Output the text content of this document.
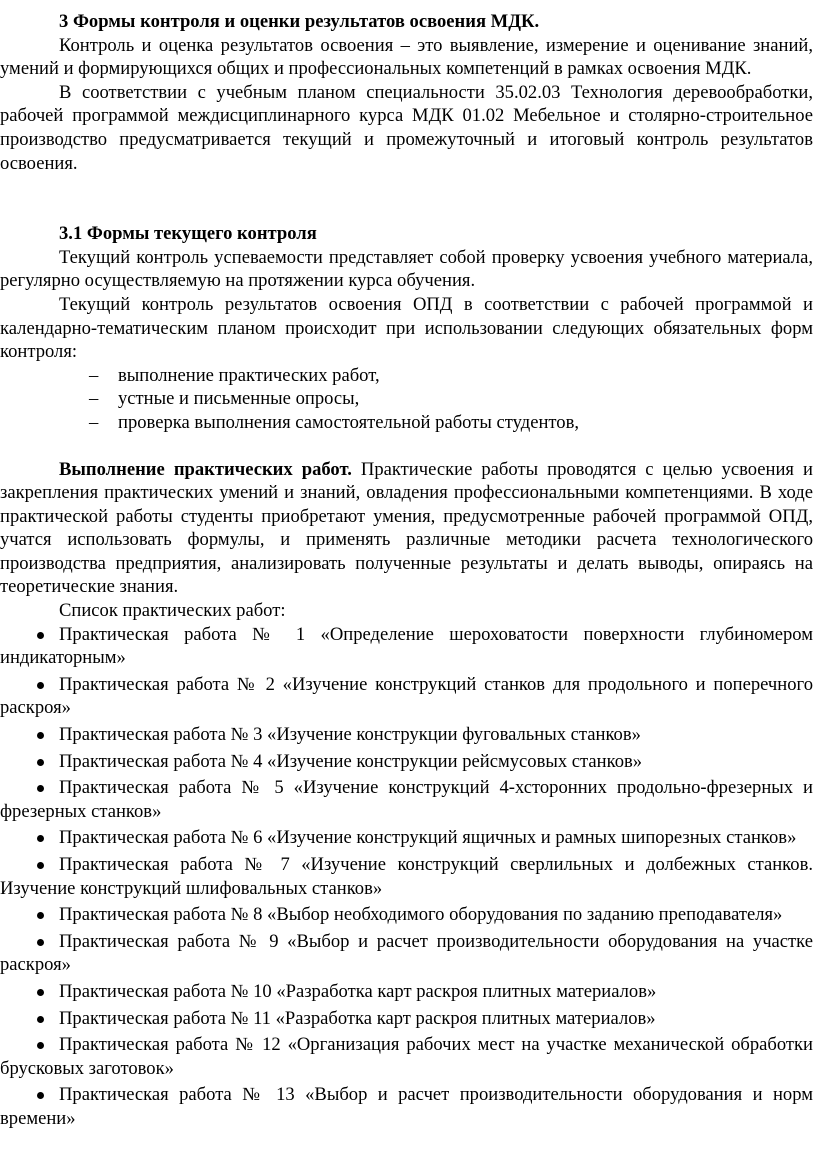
3 Формы контроля и оценки результатов освоения МДК.

Контроль и оценка результатов освоения – это выявление, измерение и оценивание знаний, умений и формирующихся общих и профессиональных компетенций в рамках освоения МДК.

В соответствии с учебным планом специальности 35.02.03 Технология деревообработки, рабочей программой междисциплинарного курса МДК 01.02 Мебельное и столярно-строительное производство предусматривается текущий и промежуточный и итоговый контроль результатов освоения.

3.1 Формы текущего контроля

Текущий контроль успеваемости представляет собой проверку усвоения учебного материала, регулярно осуществляемую на протяжении курса обучения.

Текущий контроль результатов освоения ОПД в соответствии с рабочей программой и календарно-тематическим планом происходит при использовании следующих обязательных форм контроля:

– выполнение практических работ,
– устные и письменные опросы,
– проверка выполнения самостоятельной работы студентов,

Выполнение практических работ. Практические работы проводятся с целью усвоения и закрепления практических умений и знаний, овладения профессиональными компетенциями. В ходе практической работы студенты приобретают умения, предусмотренные рабочей программой ОПД, учатся использовать формулы, и применять различные методики расчета технологического производства предприятия, анализировать полученные результаты и делать выводы, опираясь на теоретические знания.

Список практических работ:

Практическая работа № 1 «Определение шероховатости поверхности глубиномером индикаторным»
Практическая работа № 2 «Изучение конструкций станков для продольного и поперечного раскроя»
Практическая работа № 3 «Изучение конструкции фуговальных станков»
Практическая работа № 4 «Изучение конструкции рейсмусовых станков»
Практическая работа № 5 «Изучение конструкций 4-хсторонних продольно-фрезерных и фрезерных станков»
Практическая работа № 6 «Изучение конструкций ящичных и рамных шипорезных станков»
Практическая работа № 7 «Изучение конструкций сверлильных и долбежных станков. Изучение конструкций шлифовальных станков»
Практическая работа № 8 «Выбор необходимого оборудования по заданию преподавателя»
Практическая работа № 9 «Выбор и расчет производительности оборудования на участке раскроя»
Практическая работа № 10 «Разработка карт раскроя плитных материалов»
Практическая работа № 11 «Разработка карт раскроя плитных материалов»
Практическая работа № 12 «Организация рабочих мест на участке механической обработки брусковых заготовок»
Практическая работа № 13 «Выбор и расчет производительности оборудования и норм времени»
